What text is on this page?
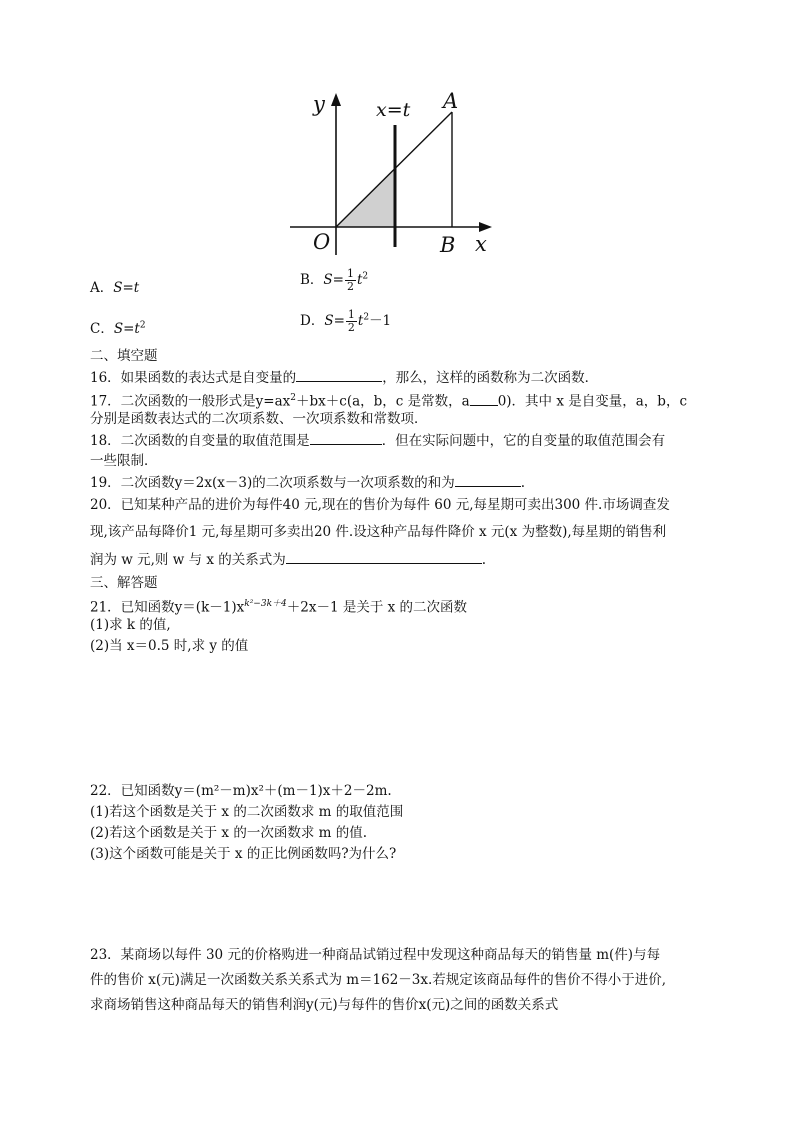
y	x=t A
O	B x
A．S=t	B．$S= \frac{1}{2} t^2$
C．$S=t^2$	D．$S= \frac{1}{2} t^2-1$
二、填空题
16．如果函数的表达式是自变量的	，那么，这样的函数称为二次函数．
17．二次函数的一般形式是$y=ax^2+bx+c(a$，b，c 是常数，a 0)．其中 x 是自变量，a，b，c
分别是函数表达式的二次项系数、一次项系数和常数项．
18．二次函数的自变量的取值范围是	．但在实际问题中，它的自变量的取值范围会有
一些限制．
19．二次函数y＝2x(x－3)的二次项系数与一次项系数的和为	.
20．已知某种产品的进价为每件40 元,现在的售价为每件 60 元,每星期可卖出300 件.市场调查发
现,该产品每降价1 元,每星期可多卖出20 件.设这种产品每件降价 x 元(x 为整数),每星期的销售利
润为 w 元,则 w 与 x 的关系式为	.
三、解答题
21．已知函数$y=(k-1)x^{k^2-3k+4}+2x-1$ 是关于 x 的二次函数
(1)求 k 的值,
(2)当 x＝0.5 时,求 y 的值
22．已知函数y＝(m²－m)x²＋(m－1)x＋2－2m.
(1)若这个函数是关于 x 的二次函数求 m 的取值范围
(2)若这个函数是关于 x 的一次函数求 m 的值.
(3)这个函数可能是关于 x 的正比例函数吗?为什么?
23．某商场以每件 30 元的价格购进一种商品试销过程中发现这种商品每天的销售量 m(件)与每
件的售价 x(元)满足一次函数关系关系式为 m＝162－3x.若规定该商品每件的售价不得小于进价,
求商场销售这种商品每天的销售利润y(元)与每件的售价x(元)之间的函数关系式
